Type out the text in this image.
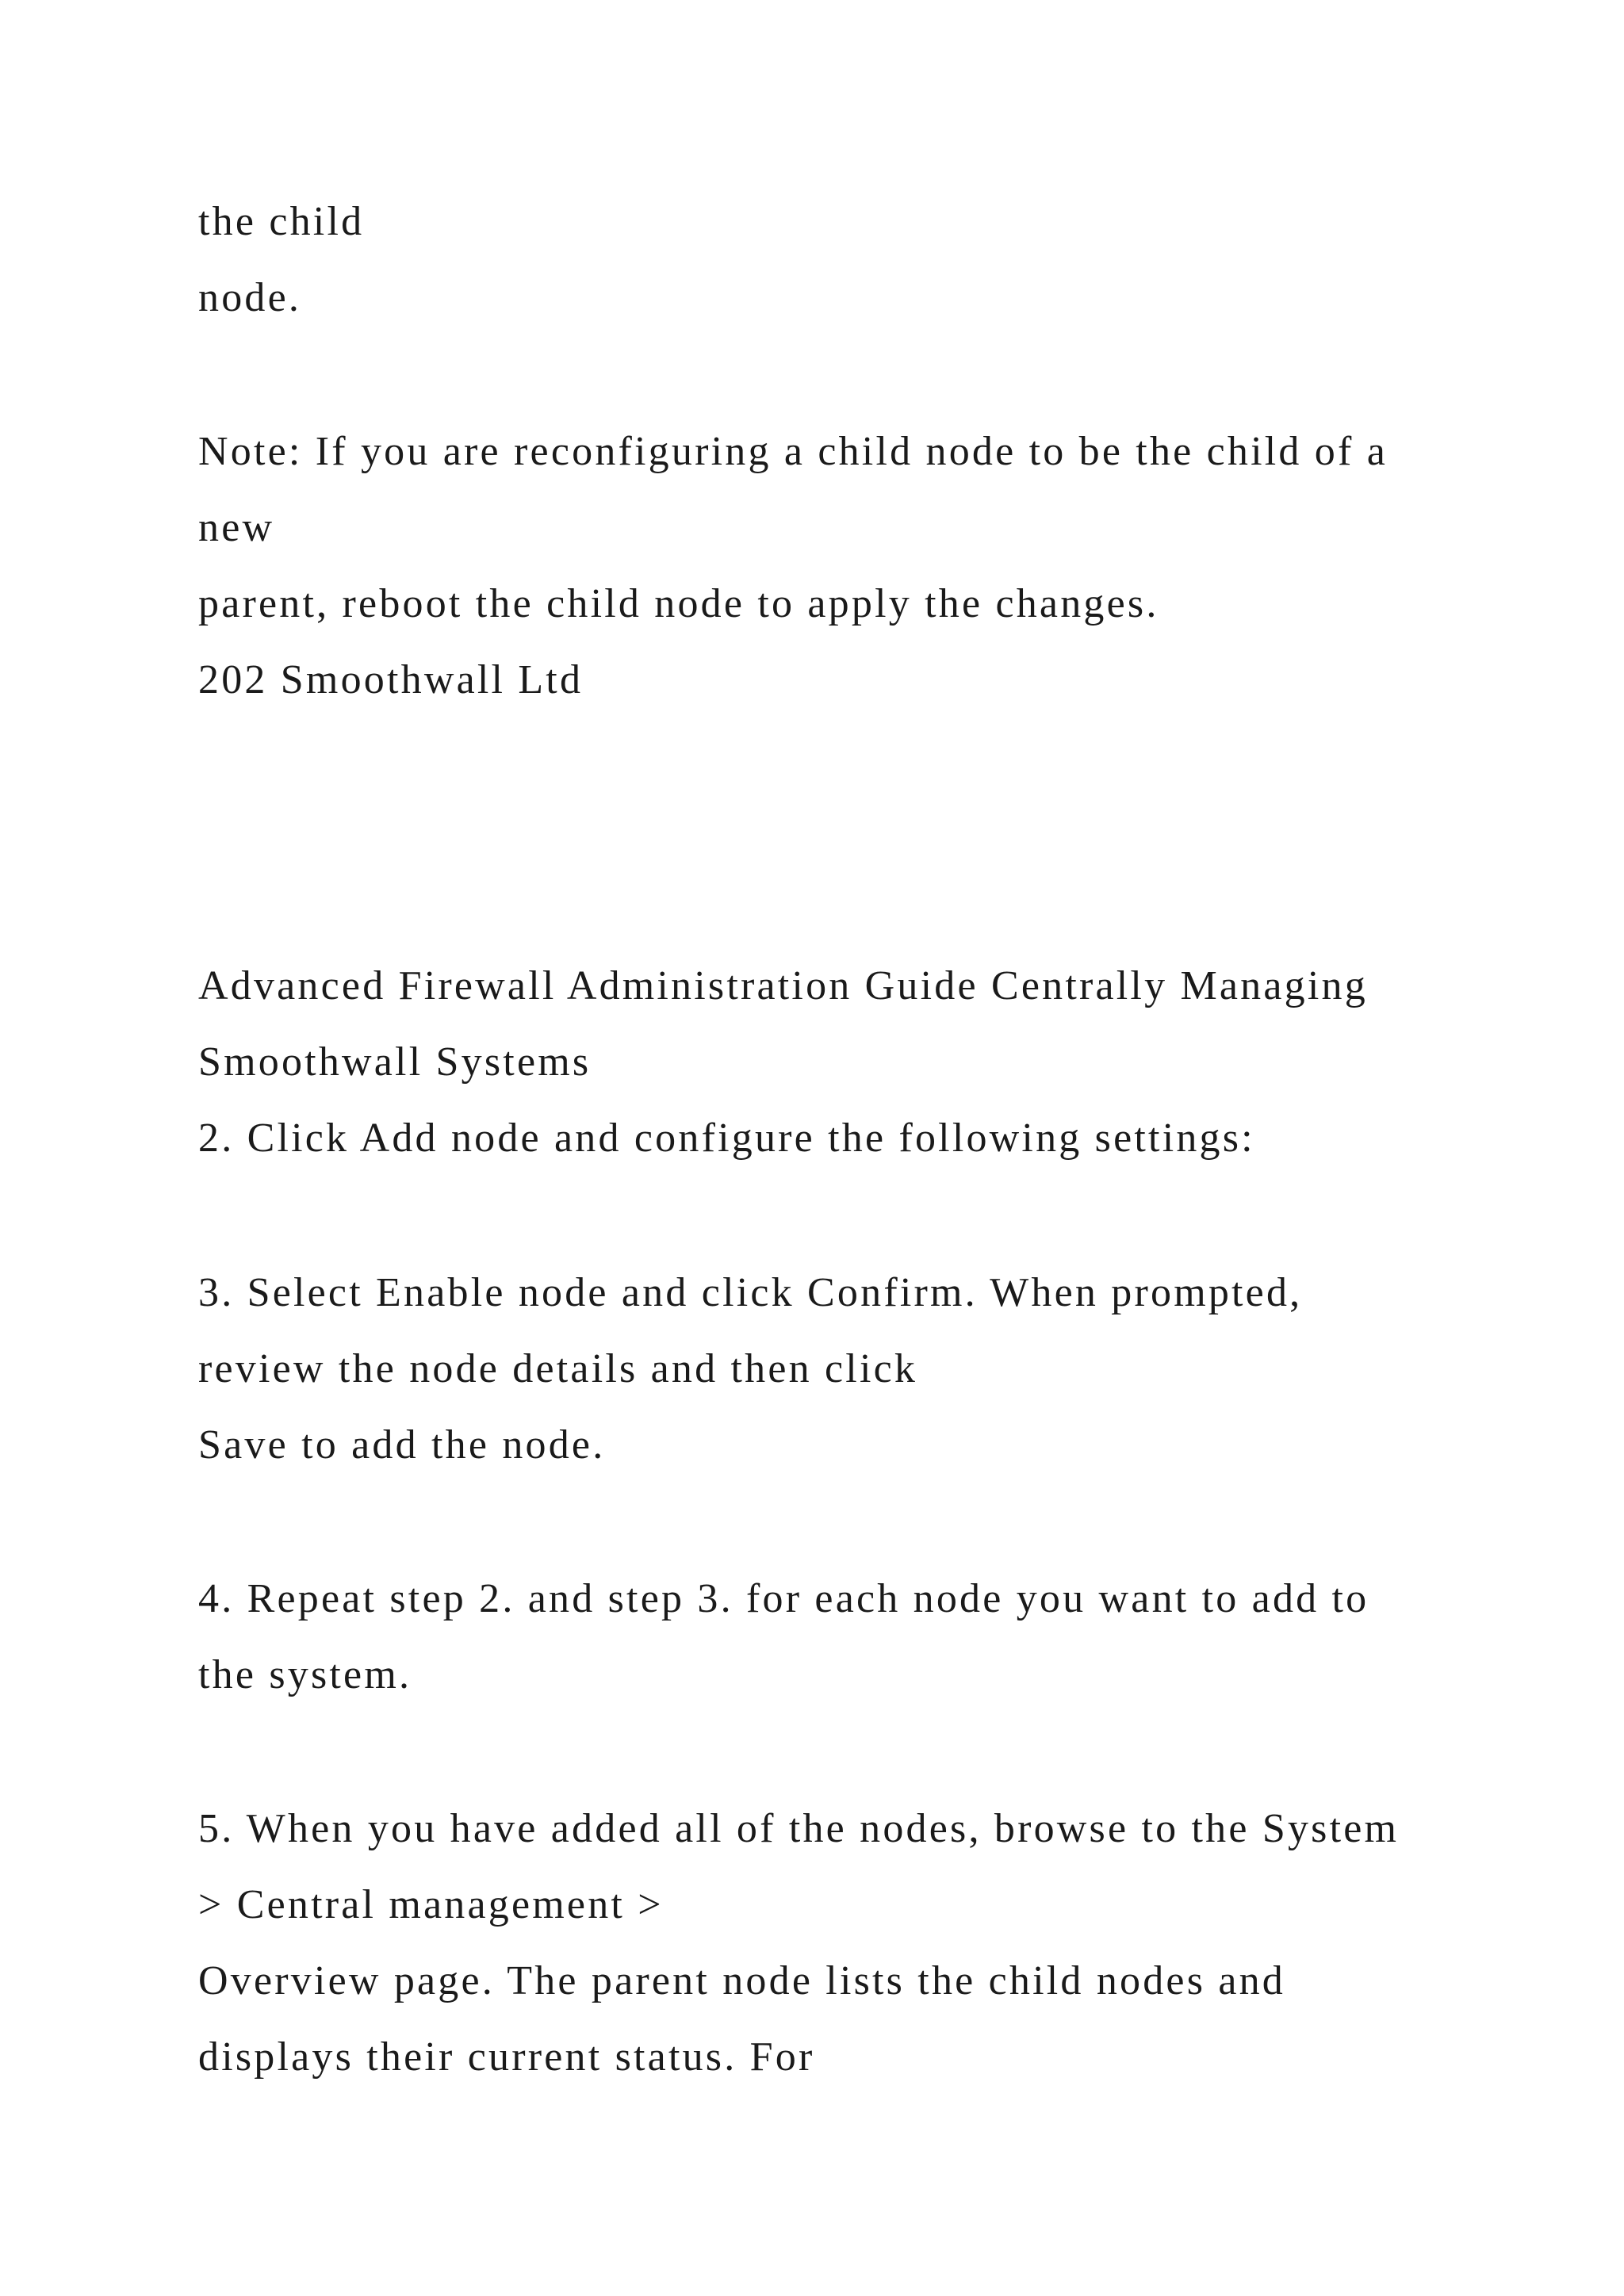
the child

node.

Note: If you are reconfiguring a child node to be the child of a

new

parent, reboot the child node to apply the changes.

202 Smoothwall Ltd

Advanced Firewall Administration Guide Centrally Managing

Smoothwall Systems

2. Click Add node and configure the following settings:

3. Select Enable node and click Confirm. When prompted,

review the node details and then click

Save to add the node.

4. Repeat step 2. and step 3. for each node you want to add to

the system.

5. When you have added all of the nodes, browse to the System

> Central management >

Overview page. The parent node lists the child nodes and

displays their current status. For
